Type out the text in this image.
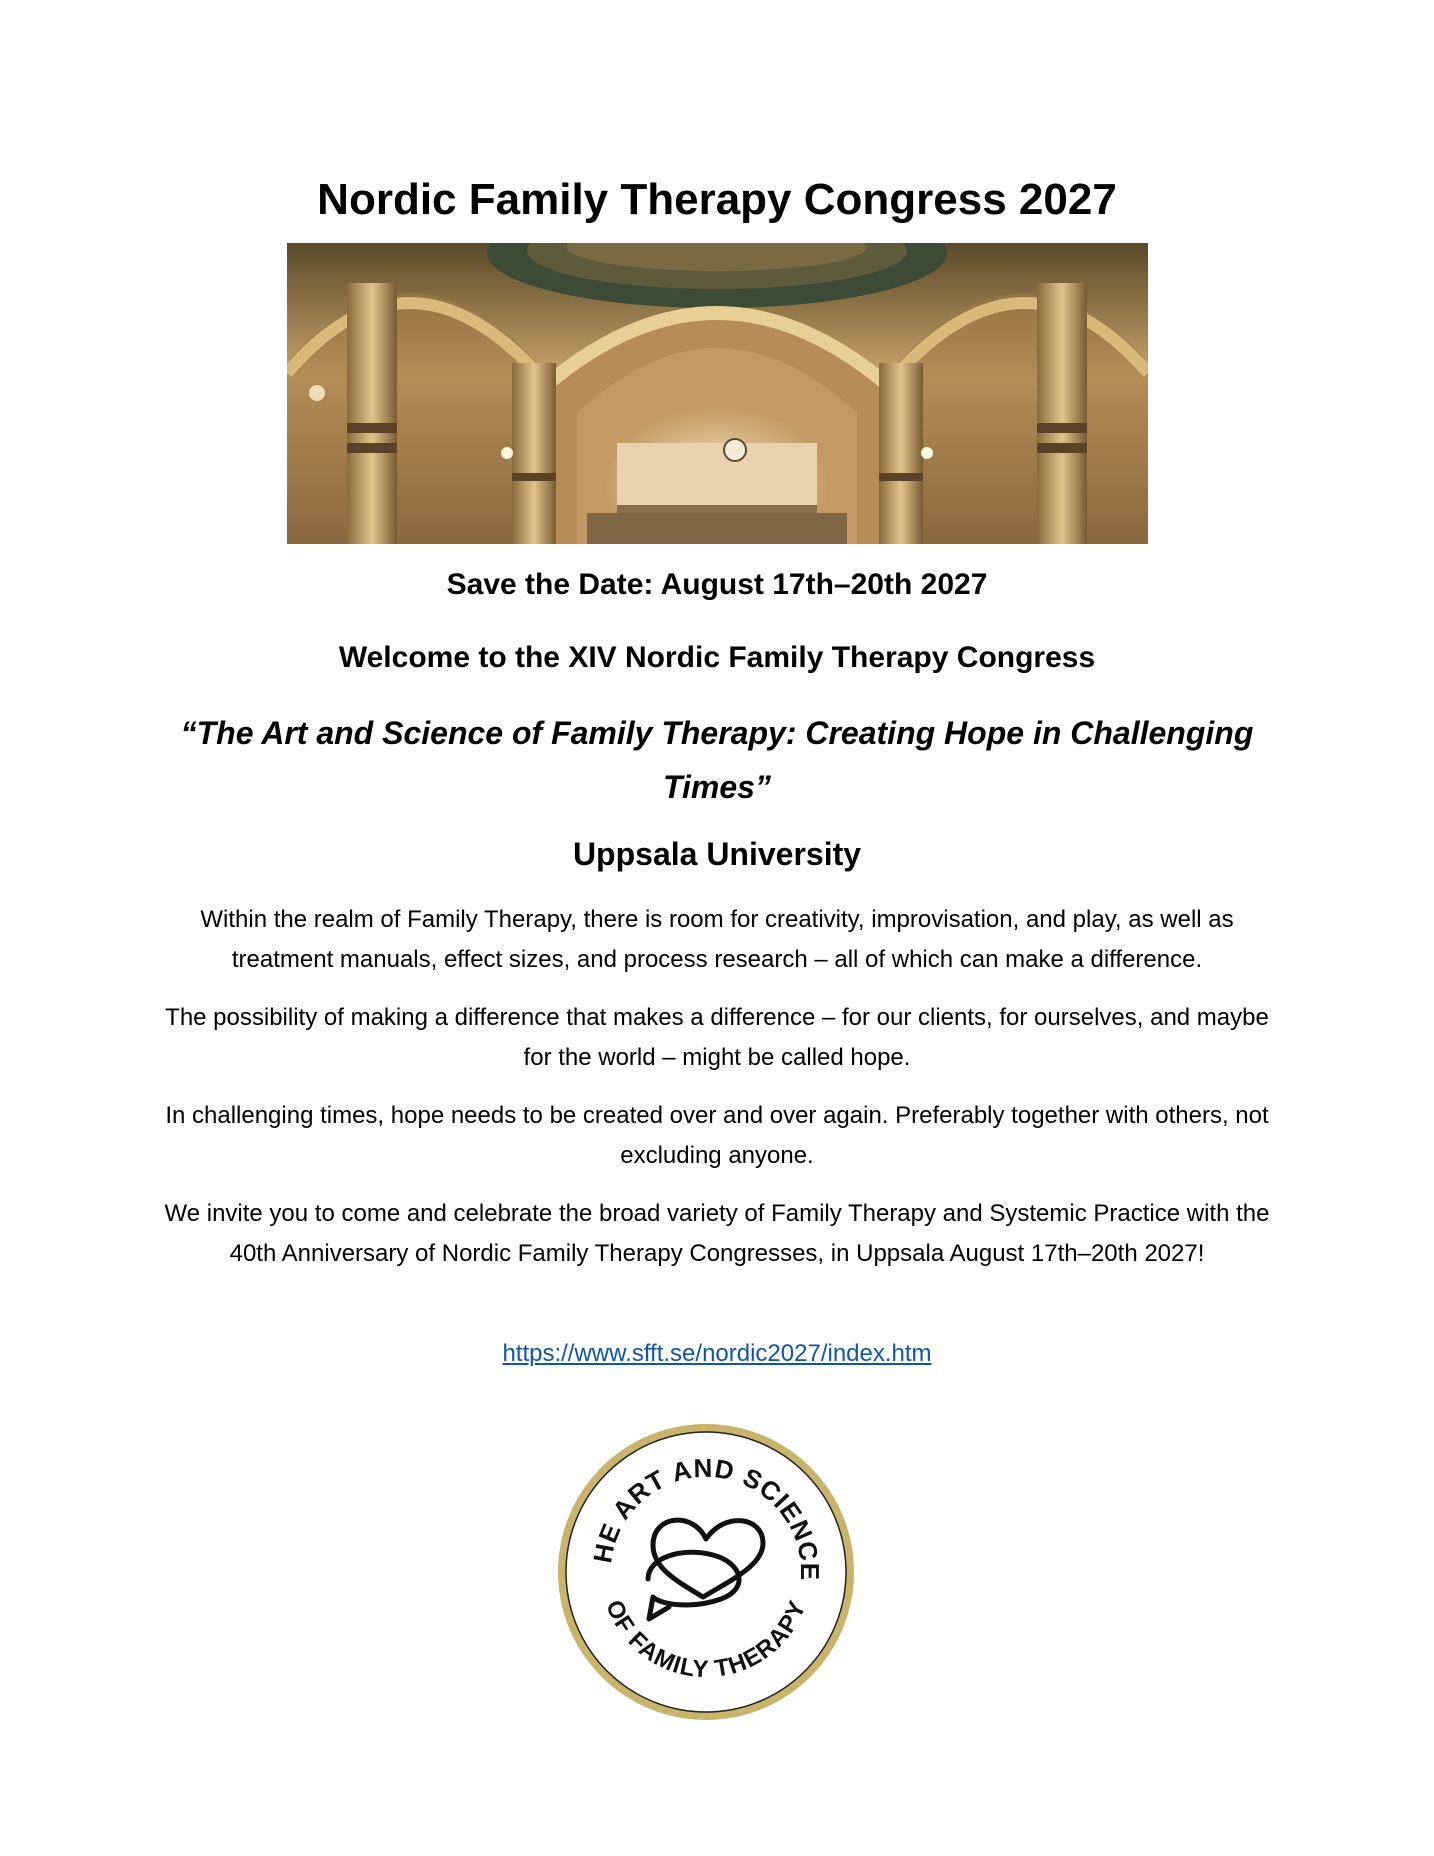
Nordic Family Therapy Congress 2027
Save the Date: August 17th–20th 2027
Welcome to the XIV Nordic Family Therapy Congress
“The Art and Science of Family Therapy: Creating Hope in Challenging
Times”
Uppsala University
Within the realm of Family Therapy, there is room for creativity, improvisation, and play, as well as treatment manuals, effect sizes, and process research – all of which can make a difference.
The possibility of making a difference that makes a difference – for our clients, for ourselves, and maybe for the world – might be called hope.
In challenging times, hope needs to be created over and over again. Preferably together with others, not excluding anyone.
We invite you to come and celebrate the broad variety of Family Therapy and Systemic Practice with the 40th Anniversary of Nordic Family Therapy Congresses, in Uppsala August 17th–20th 2027!
https://www.sfft.se/nordic2027/index.htm
HE ART AND SCIENCE
OF FAMILY THERAPY
